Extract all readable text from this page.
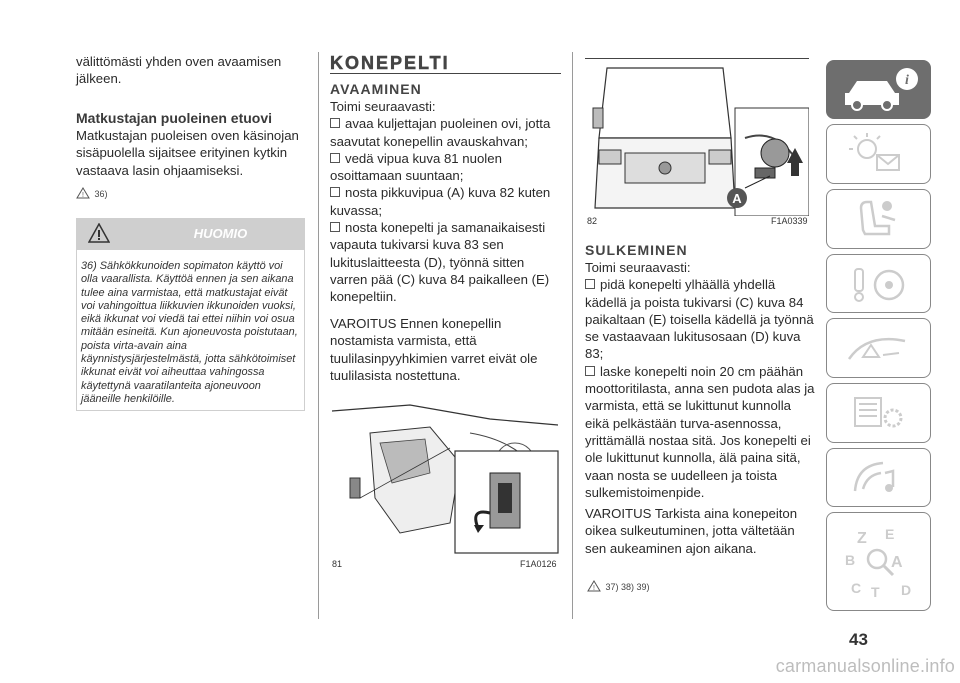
välittömästi yhden oven avaamisen jälkeen.
Matkustajan puoleinen etuovi
Matkustajan puoleisen oven käsinojan sisäpuolella sijaitsee erityinen kytkin vastaava lasin ohjaamiseksi.
! 36)
HUOMIO
36) Sähkökkunoiden sopimaton käyttö voi olla vaarallista. Käyttöä ennen ja sen aikana tulee aina varmistaa, että matkustajat eivät voi vahingoittua liikkuvien ikkunoiden vuoksi, eikä ikkunat voi viedä tai ettei niihin voi osua mitään esineitä. Kun ajoneuvosta poistutaan, poista virta-avain aina käynnistysjärjestelmästä, jotta sähkötoimiset ikkunat eivät voi aiheuttaa vahingossa käytettynä vaaratilanteita ajoneuvoon jääneille henkilöille.
KONEPELTI
AVAAMINEN
Toimi seuraavasti:
avaa kuljettajan puoleinen ovi, jotta saavutat konepellin avauskahvan;
vedä vipua kuva 81 nuolen osoittamaan suuntaan;
nosta pikkuvipua (A) kuva 82 kuten kuvassa;
nosta konepelti ja samanaikaisesti vapauta tukivarsi kuva 83 sen lukituslaitteesta (D), työnnä sitten varren pää (C) kuva 84 paikalleen (E) konepeltiin.
VAROITUS Ennen konepellin nostamista varmista, että tuulilasinpyyhkimien varret eivät ole tuulilasista nostettuna.
81	F1A0126
A
82	F1A0339
SULKEMINEN
Toimi seuraavasti:
pidä konepelti ylhäällä yhdellä kädellä ja poista tukivarsi (C) kuva 84 paikaltaan (E) toisella kädellä ja työnnä se vastaavaan lukitusosaan (D) kuva 83;
laske konepelti noin 20 cm päähän moottoritilasta, anna sen pudota alas ja varmista, että se lukittunut kunnolla eikä pelkästään turva-asennossa, yrittämällä nostaa sitä. Jos konepelti ei ole lukittunut kunnolla, älä paina sitä, vaan nosta se uudelleen ja toista sulkemistoimenpide.
VAROITUS Tarkista aina konepeiton oikea sulkeutuminen, jotta vältetään sen aukeaminen ajon aikana.
! 37) 38) 39)
i
Z E
B A
C T D
43
carmanualsonline.info
